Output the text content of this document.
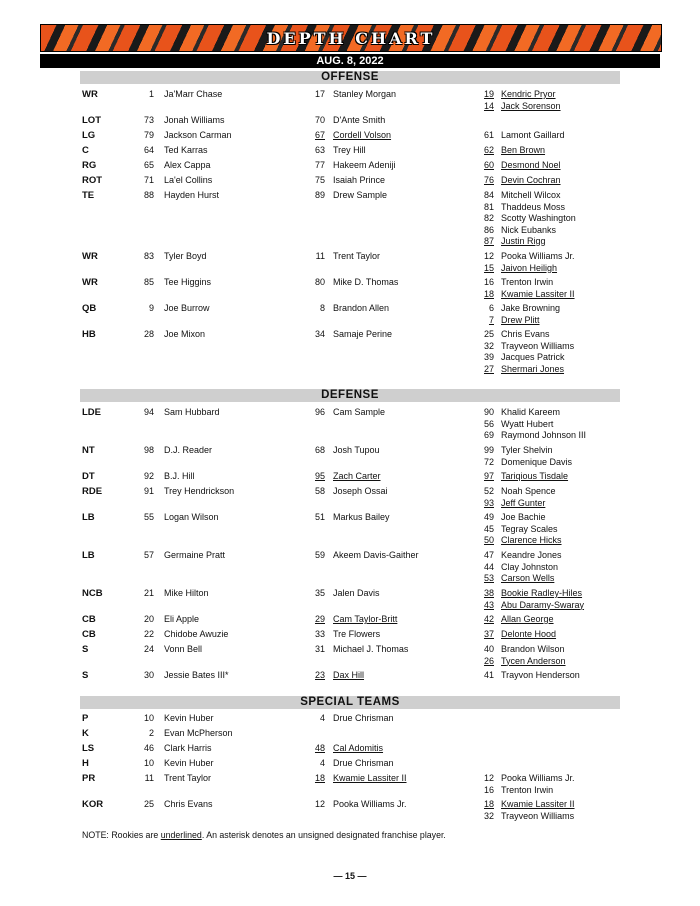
DEPTH CHART
AUG. 8, 2022
OFFENSE
WR	1 Ja'Marr Chase	17 Stanley Morgan	19 Kendric Pryor
14 Jack Sorenson
LOT	73 Jonah Williams	70 D'Ante Smith
LG	79 Jackson Carman	67 Cordell Volson	61 Lamont Gaillard
C	64 Ted Karras	63 Trey Hill	62 Ben Brown
RG	65 Alex Cappa	77 Hakeem Adeniji	60 Desmond Noel
ROT	71 La'el Collins	75 Isaiah Prince	76 Devin Cochran
TE	88 Hayden Hurst	89 Drew Sample	84 Mitchell Wilcox
81 Thaddeus Moss
82 Scotty Washington
86 Nick Eubanks
87 Justin Rigg
WR	83 Tyler Boyd	11 Trent Taylor	12 Pooka Williams Jr.
15 Jaivon Heiligh
WR	85 Tee Higgins	80 Mike D. Thomas	16 Trenton Irwin
18 Kwamie Lassiter II
QB	9 Joe Burrow	8 Brandon Allen	6 Jake Browning
7 Drew Plitt
HB	28 Joe Mixon	34 Samaje Perine	25 Chris Evans
32 Trayveon Williams
39 Jacques Patrick
27 Shermari Jones
DEFENSE
LDE	94 Sam Hubbard	96 Cam Sample	90 Khalid Kareem
56 Wyatt Hubert
69 Raymond Johnson III
NT	98 D.J. Reader	68 Josh Tupou	99 Tyler Shelvin
72 Domenique Davis
DT	92 B.J. Hill	95 Zach Carter	97 Tariqious Tisdale
RDE	91 Trey Hendrickson	58 Joseph Ossai	52 Noah Spence
93 Jeff Gunter
LB	55 Logan Wilson	51 Markus Bailey	49 Joe Bachie
45 Tegray Scales
50 Clarence Hicks
LB	57 Germaine Pratt	59 Akeem Davis-Gaither	47 Keandre Jones
44 Clay Johnston
53 Carson Wells
NCB	21 Mike Hilton	35 Jalen Davis	38 Bookie Radley-Hiles
43 Abu Daramy-Swaray
CB	20 Eli Apple	29 Cam Taylor-Britt	42 Allan George
CB	22 Chidobe Awuzie	33 Tre Flowers	37 Delonte Hood
S	24 Vonn Bell	31 Michael J. Thomas	40 Brandon Wilson
26 Tycen Anderson
S	30 Jessie Bates III*	23 Dax Hill	41 Trayvon Henderson
SPECIAL TEAMS
P	10 Kevin Huber	4 Drue Chrisman
K	2 Evan McPherson
LS	46 Clark Harris	48 Cal Adomitis
H	10 Kevin Huber	4 Drue Chrisman
PR	11 Trent Taylor	18 Kwamie Lassiter II	12 Pooka Williams Jr.
16 Trenton Irwin
KOR	25 Chris Evans	12 Pooka Williams Jr.	18 Kwamie Lassiter II
32 Trayveon Williams
NOTE: Rookies are underlined. An asterisk denotes an unsigned designated franchise player.
— 15 —
